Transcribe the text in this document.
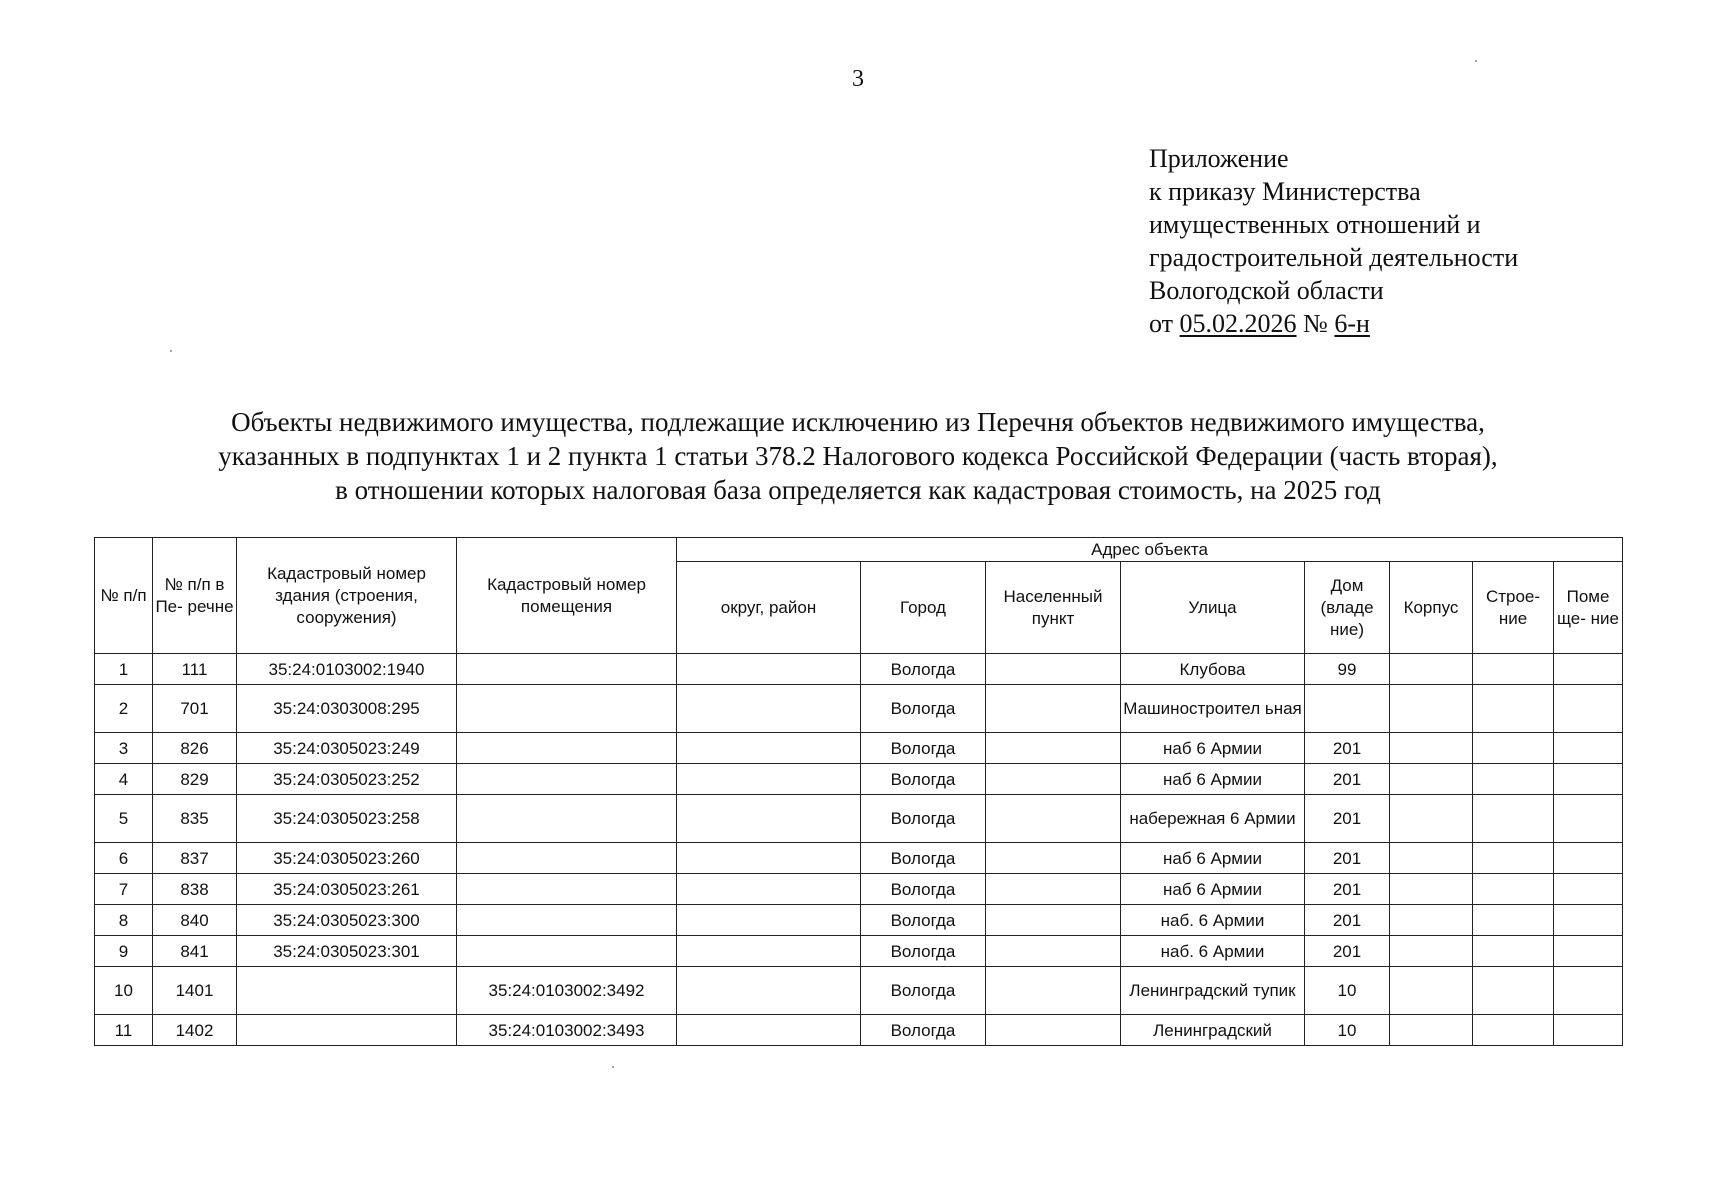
3
Приложение
к приказу Министерства
имущественных отношений и
градостроительной деятельности
Вологодской области
от 05.02.2026 № 6-н
Объекты недвижимого имущества, подлежащие исключению из Перечня объектов недвижимого имущества,
указанных в подпунктах 1 и 2 пункта 1 статьи 378.2 Налогового кодекса Российской Федерации (часть вторая),
в отношении которых налоговая база определяется как кадастровая стоимость, на 2025 год
№ п/п	№ п/п в Пе- речне	Кадастровый номер здания (строения, сооружения)	Кадастровый номер помещения	Адрес объекта							
				округ, район	Город	Населенный пункт	Улица	Дом (владе ние)	Корпус	Строе- ние	Поме ще- ние
1	111	35:24:0103002:1940			Вологда		Клубова	99			
2	701	35:24:0303008:295			Вологда		Машиностроител ьная				
3	826	35:24:0305023:249			Вологда		наб 6 Армии	201			
4	829	35:24:0305023:252			Вологда		наб 6 Армии	201			
5	835	35:24:0305023:258			Вологда		набережная 6 Армии	201			
6	837	35:24:0305023:260			Вологда		наб 6 Армии	201			
7	838	35:24:0305023:261			Вологда		наб 6 Армии	201			
8	840	35:24:0305023:300			Вологда		наб. 6 Армии	201			
9	841	35:24:0305023:301			Вологда		наб. 6 Армии	201			
10	1401		35:24:0103002:3492		Вологда		Ленинградский тупик	10			
11	1402		35:24:0103002:3493		Вологда		Ленинградский	10			
